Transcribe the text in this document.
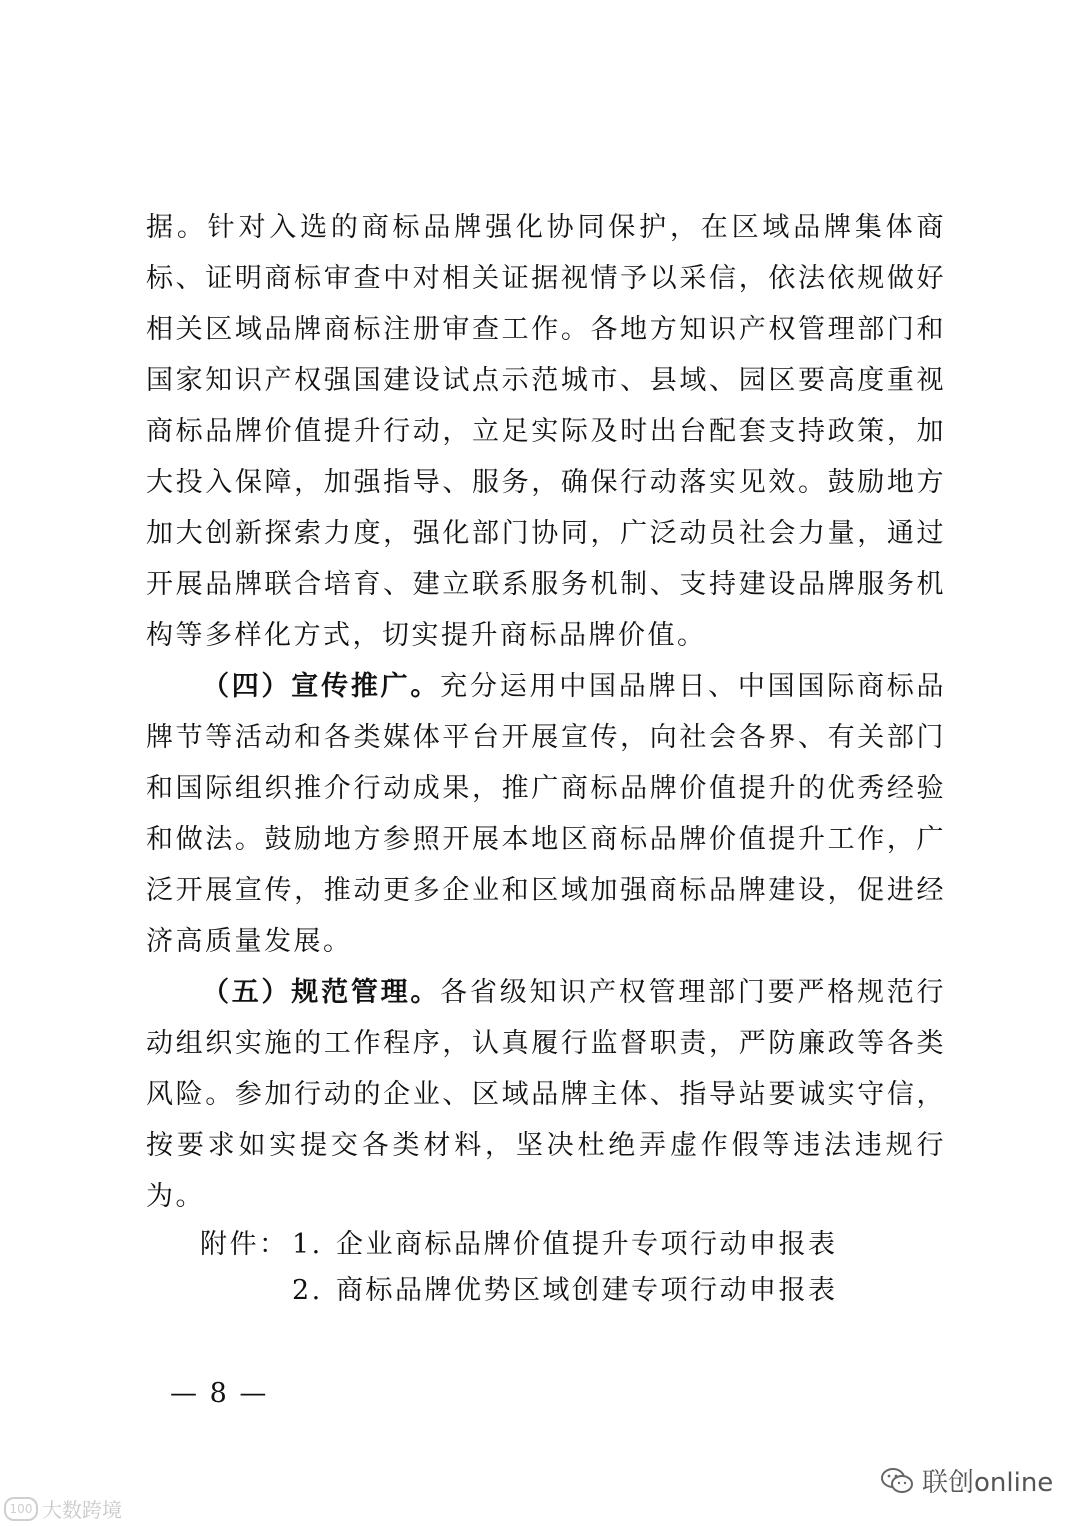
据。针对入选的商标品牌强化协同保护，在区域品牌集体商标、证明商标审查中对相关证据视情予以采信，依法依规做好相关区域品牌商标注册审查工作。各地方知识产权管理部门和国家知识产权强国建设试点示范城市、县域、园区要高度重视商标品牌价值提升行动，立足实际及时出台配套支持政策，加大投入保障，加强指导、服务，确保行动落实见效。鼓励地方加大创新探索力度，强化部门协同，广泛动员社会力量，通过开展品牌联合培育、建立联系服务机制、支持建设品牌服务机构等多样化方式，切实提升商标品牌价值。

（四）宣传推广。充分运用中国品牌日、中国国际商标品牌节等活动和各类媒体平台开展宣传，向社会各界、有关部门和国际组织推介行动成果，推广商标品牌价值提升的优秀经验和做法。鼓励地方参照开展本地区商标品牌价值提升工作，广泛开展宣传，推动更多企业和区域加强商标品牌建设，促进经济高质量发展。

（五）规范管理。各省级知识产权管理部门要严格规范行动组织实施的工作程序，认真履行监督职责，严防廉政等各类风险。参加行动的企业、区域品牌主体、指导站要诚实守信，按要求如实提交各类材料，坚决杜绝弄虚作假等违法违规行为。

附件： 1. 企业商标品牌价值提升专项行动申报表
2. 商标品牌优势区域创建专项行动申报表
— 8 —
100 大数跨境
联创online
